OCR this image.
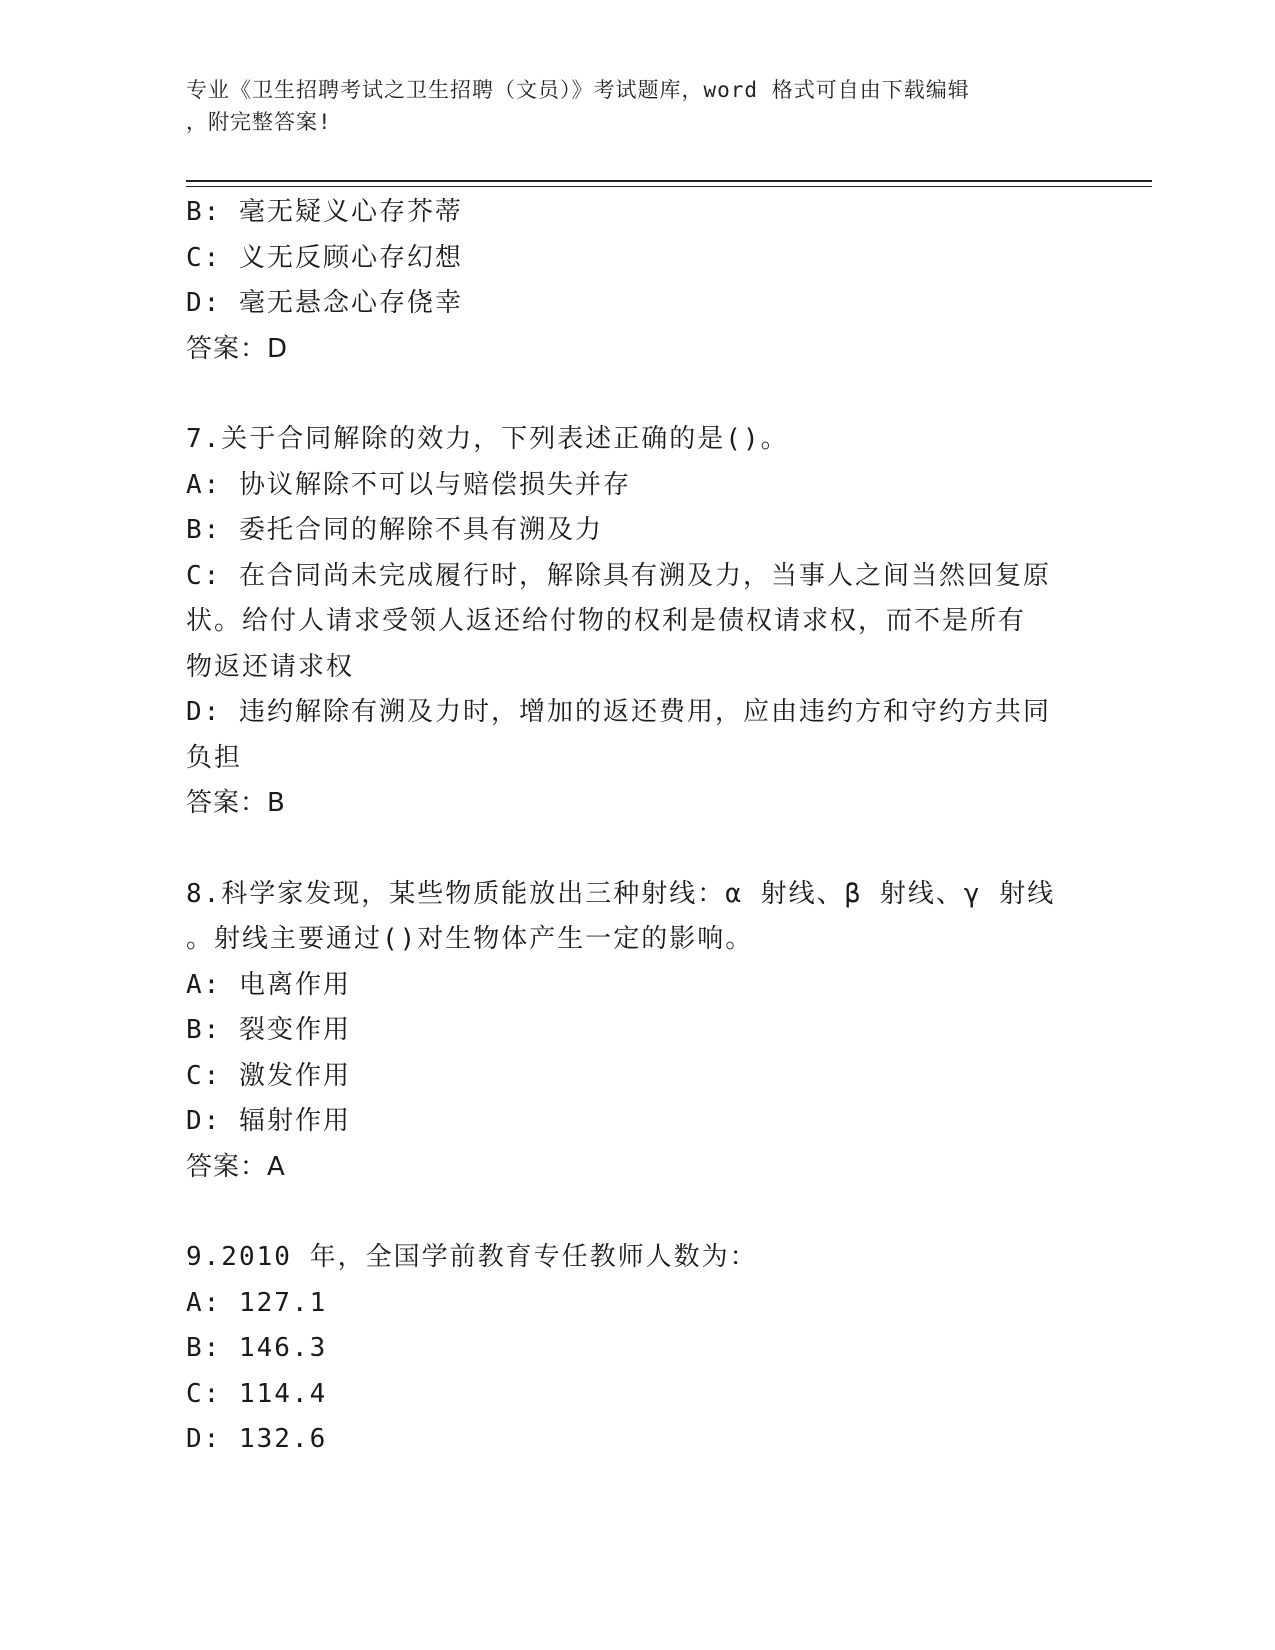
专业《卫生招聘考试之卫生招聘（文员）》考试题库，word 格式可自由下载编辑
，附完整答案!
B: 毫无疑义心存芥蒂
C: 义无反顾心存幻想
D: 毫无悬念心存侥幸
答案：D
7.关于合同解除的效力，下列表述正确的是()。
A: 协议解除不可以与赔偿损失并存
B: 委托合同的解除不具有溯及力
C: 在合同尚未完成履行时，解除具有溯及力，当事人之间当然回复原
状。给付人请求受领人返还给付物的权利是债权请求权，而不是所有
物返还请求权
D: 违约解除有溯及力时，增加的返还费用，应由违约方和守约方共同
负担
答案：B
8.科学家发现，某些物质能放出三种射线：α 射线、β 射线、γ 射线
。射线主要通过()对生物体产生一定的影响。
A: 电离作用
B: 裂变作用
C: 激发作用
D: 辐射作用
答案：A
9.2010 年，全国学前教育专任教师人数为：
A: 127.1
B: 146.3
C: 114.4
D: 132.6
